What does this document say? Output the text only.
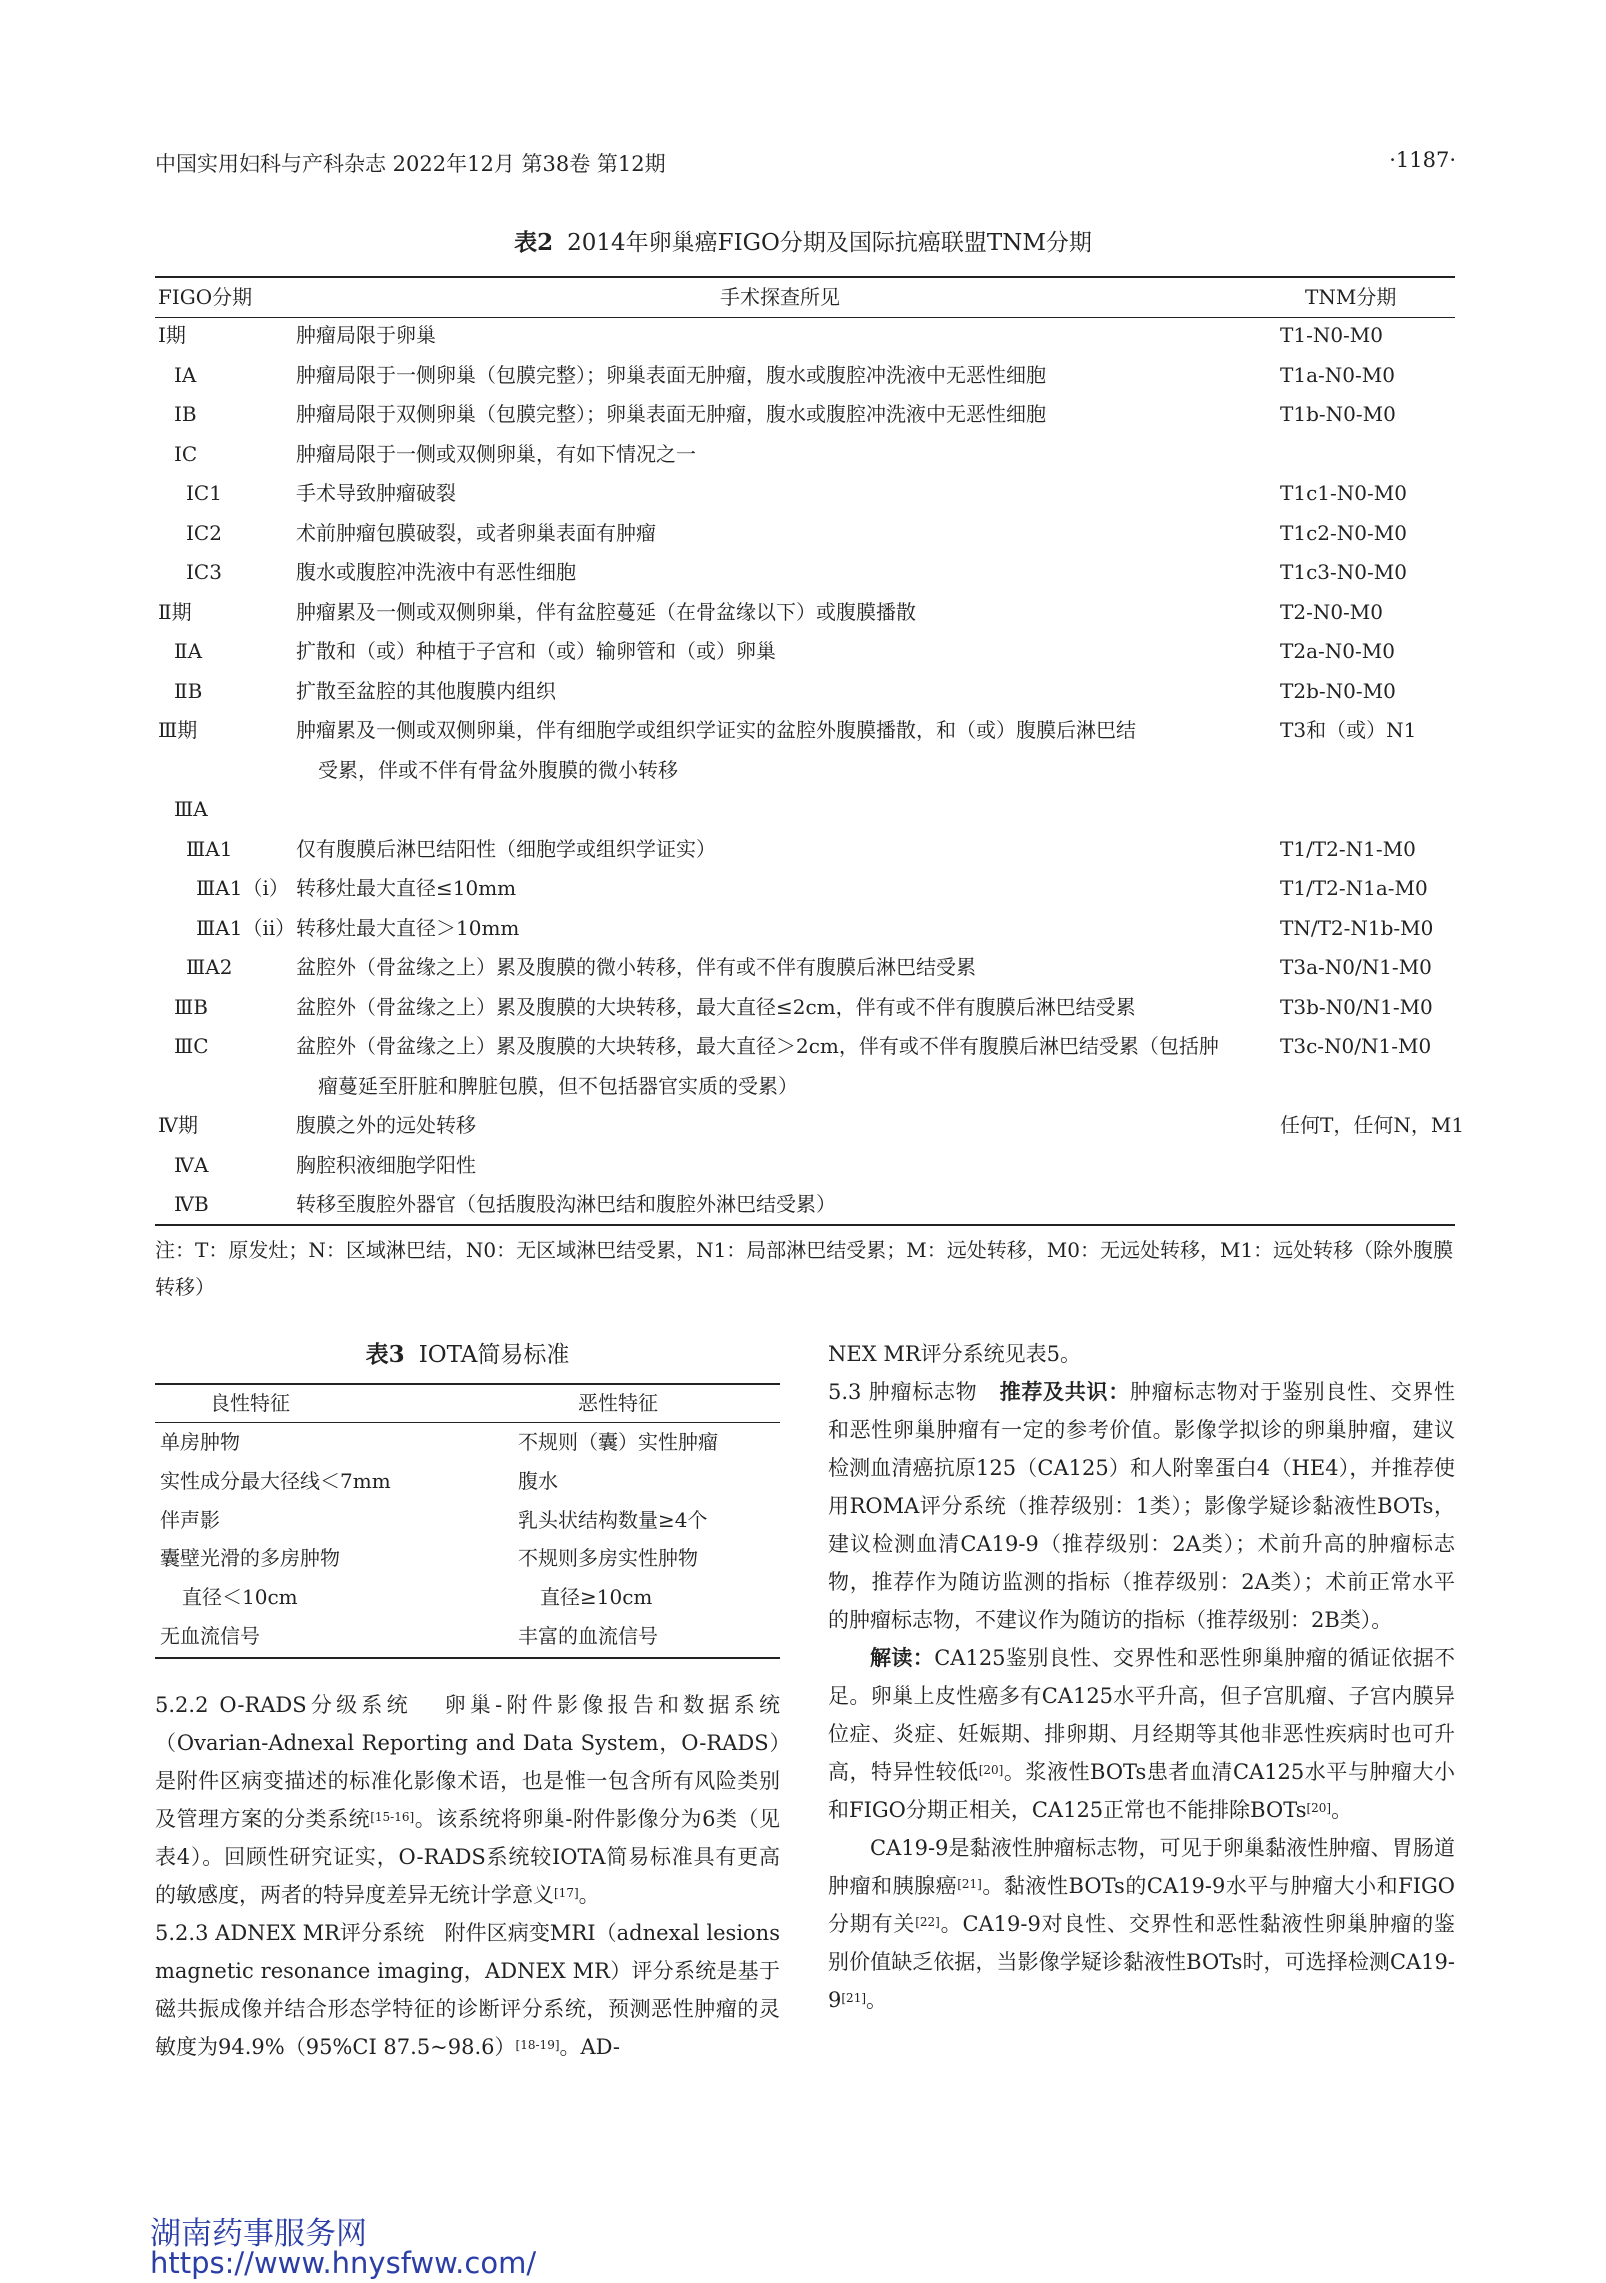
中国实用妇科与产科杂志 2022年12月 第38卷 第12期	·1187·
表2 2014年卵巢癌FIGO分期及国际抗癌联盟TNM分期
FIGO分期	手术探查所见	TNM分期
Ⅰ期	肿瘤局限于卵巢	T1-N0-M0
ⅠA	肿瘤局限于一侧卵巢（包膜完整）；卵巢表面无肿瘤，腹水或腹腔冲洗液中无恶性细胞	T1a-N0-M0
ⅠB	肿瘤局限于双侧卵巢（包膜完整）；卵巢表面无肿瘤，腹水或腹腔冲洗液中无恶性细胞	T1b-N0-M0
ⅠC	肿瘤局限于一侧或双侧卵巢，有如下情况之一
ⅠC1	手术导致肿瘤破裂	T1c1-N0-M0
ⅠC2	术前肿瘤包膜破裂，或者卵巢表面有肿瘤	T1c2-N0-M0
ⅠC3	腹水或腹腔冲洗液中有恶性细胞	T1c3-N0-M0
Ⅱ期	肿瘤累及一侧或双侧卵巢，伴有盆腔蔓延（在骨盆缘以下）或腹膜播散	T2-N0-M0
ⅡA	扩散和（或）种植于子宫和（或）输卵管和（或）卵巢	T2a-N0-M0
ⅡB	扩散至盆腔的其他腹膜内组织	T2b-N0-M0
Ⅲ期	肿瘤累及一侧或双侧卵巢，伴有细胞学或组织学证实的盆腔外腹膜播散，和（或）腹膜后淋巴结	T3和（或）N1
受累，伴或不伴有骨盆外腹膜的微小转移
ⅢA
ⅢA1	仅有腹膜后淋巴结阳性（细胞学或组织学证实）	T1/T2-N1-M0
ⅢA1（i） 转移灶最大直径≤10mm	T1/T2-N1a-M0
ⅢA1（ii） 转移灶最大直径＞10mm	TN/T2-N1b-M0
ⅢA2	盆腔外（骨盆缘之上）累及腹膜的微小转移，伴有或不伴有腹膜后淋巴结受累	T3a-N0/N1-M0
ⅢB	盆腔外（骨盆缘之上）累及腹膜的大块转移，最大直径≤2cm，伴有或不伴有腹膜后淋巴结受累	T3b-N0/N1-M0
ⅢC	盆腔外（骨盆缘之上）累及腹膜的大块转移，最大直径＞2cm，伴有或不伴有腹膜后淋巴结受累（包括肿	T3c-N0/N1-M0
瘤蔓延至肝脏和脾脏包膜，但不包括器官实质的受累）
Ⅳ期	腹膜之外的远处转移	任何T，任何N，M1
ⅣA	胸腔积液细胞学阳性
ⅣB	转移至腹腔外器官（包括腹股沟淋巴结和腹腔外淋巴结受累）
注：T：原发灶；N：区域淋巴结，N0：无区域淋巴结受累，N1：局部淋巴结受累；M：远处转移，M0：无远处转移，M1：远处转移（除外腹膜转移）
表3 IOTA简易标准
良性特征	恶性特征
单房肿物	不规则（囊）实性肿瘤
实性成分最大径线＜7mm	腹水
伴声影	乳头状结构数量≥4个
囊壁光滑的多房肿物	不规则多房实性肿物
直径＜10cm	直径≥10cm
无血流信号	丰富的血流信号

5.2.2 O-RADS分级系统 卵巢-附件影像报告和数据系统（Ovarian-Adnexal Reporting and Data System，O-RADS）是附件区病变描述的标准化影像术语，也是惟一包含所有风险类别及管理方案的分类系统[15-16]。该系统将卵巢-附件影像分为6类（见表4）。回顾性研究证实，O-RADS系统较IOTA简易标准具有更高的敏感度，两者的特异度差异无统计学意义[17]。

5.2.3 ADNEX MR评分系统 附件区病变MRI（adnexal lesions magnetic resonance imaging，ADNEX MR）评分系统是基于磁共振成像并结合形态学特征的诊断评分系统，预测恶性肿瘤的灵敏度为94.9%（95%CI 87.5~98.6）[18-19]。AD-

NEX MR评分系统见表5。

5.3 肿瘤标志物 推荐及共识：肿瘤标志物对于鉴别良性、交界性和恶性卵巢肿瘤有一定的参考价值。影像学拟诊的卵巢肿瘤，建议检测血清癌抗原125（CA125）和人附睾蛋白4（HE4），并推荐使用ROMA评分系统（推荐级别：1类）；影像学疑诊黏液性BOTs，建议检测血清CA19-9（推荐级别：2A类）；术前升高的肿瘤标志物，推荐作为随访监测的指标（推荐级别：2A类）；术前正常水平的肿瘤标志物，不建议作为随访的指标（推荐级别：2B类）。

解读：CA125鉴别良性、交界性和恶性卵巢肿瘤的循证依据不足。卵巢上皮性癌多有CA125水平升高，但子宫肌瘤、子宫内膜异位症、炎症、妊娠期、排卵期、月经期等其他非恶性疾病时也可升高，特异性较低[20]。浆液性BOTs患者血清CA125水平与肿瘤大小和FIGO分期正相关，CA125正常也不能排除BOTs[20]。

CA19-9是黏液性肿瘤标志物，可见于卵巢黏液性肿瘤、胃肠道肿瘤和胰腺癌[21]。黏液性BOTs的CA19-9水平与肿瘤大小和FIGO分期有关[22]。CA19-9对良性、交界性和恶性黏液性卵巢肿瘤的鉴别价值缺乏依据，当影像学疑诊黏液性BOTs时，可选择检测CA19-9[21]。

湖南药事服务网
https://www.hnysfww.com/
